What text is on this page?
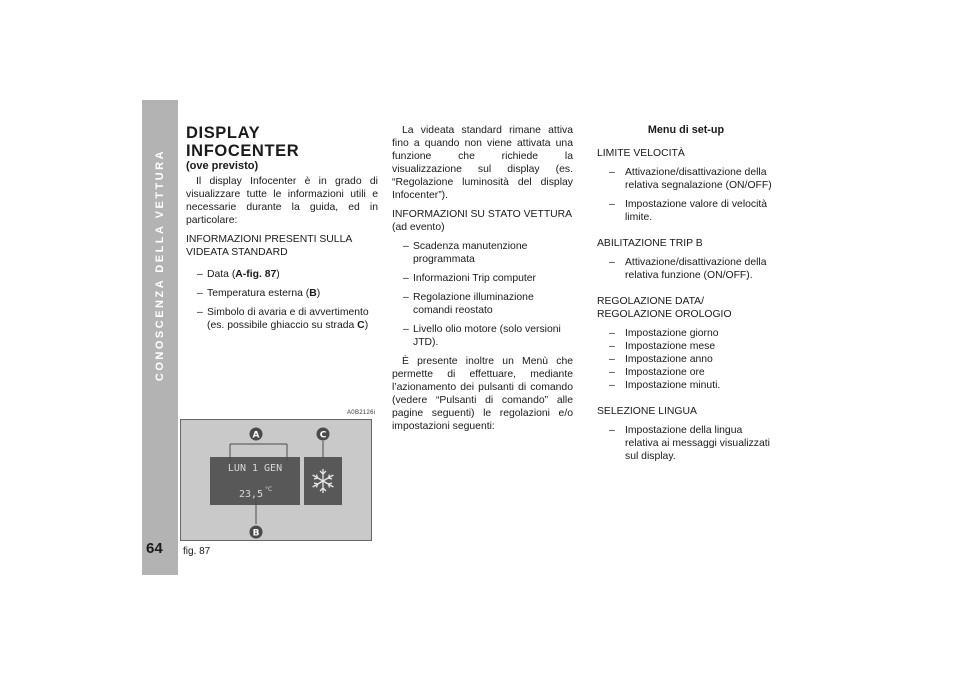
CONOSCENZA DELLA VETTURA
64

DISPLAY INFOCENTER

(ove previsto)

Il display Infocenter è in grado di visualizzare tutte le informazioni utili e necessarie durante la guida, ed in particolare:

INFORMAZIONI PRESENTI SULLA VIDEATA STANDARD

– Data (A-fig. 87)

– Temperatura esterna (B)

– Simbolo di avaria e di avvertimento (es. possibile ghiaccio su strada C)

La videata standard rimane attiva fino a quando non viene attivata una funzione che richiede la visualizzazione sul display (es. “Regolazione luminosità del display Infocenter”).

INFORMAZIONI SU STATO VETTURA

(ad evento)

– Scadenza manutenzione programmata

– Informazioni Trip computer

– Regolazione illuminazione comandi reostato

– Livello olio motore (solo versioni JTD).

È presente inoltre un Menù che permette di effettuare, mediante l’azionamento dei pulsanti di comando (vedere “Pulsanti di comando” alle pagine seguenti) le regolazioni e/o impostazioni seguenti:

Menu di set-up

LIMITE VELOCITÀ

– Attivazione/disattivazione della relativa segnalazione (ON/OFF)

– Impostazione valore di velocità limite.

ABILITAZIONE TRIP B

– Attivazione/disattivazione della relativa funzione (ON/OFF).

REGOLAZIONE DATA/ REGOLAZIONE OROLOGIO

– Impostazione giorno

– Impostazione mese

– Impostazione anno

– Impostazione ore

– Impostazione minuti.

SELEZIONE LINGUA

– Impostazione della lingua relativa ai messaggi visualizzati sul display.

A0B2126i
LUN 1 GEN
23,5 °C
A	C
B
fig. 87
